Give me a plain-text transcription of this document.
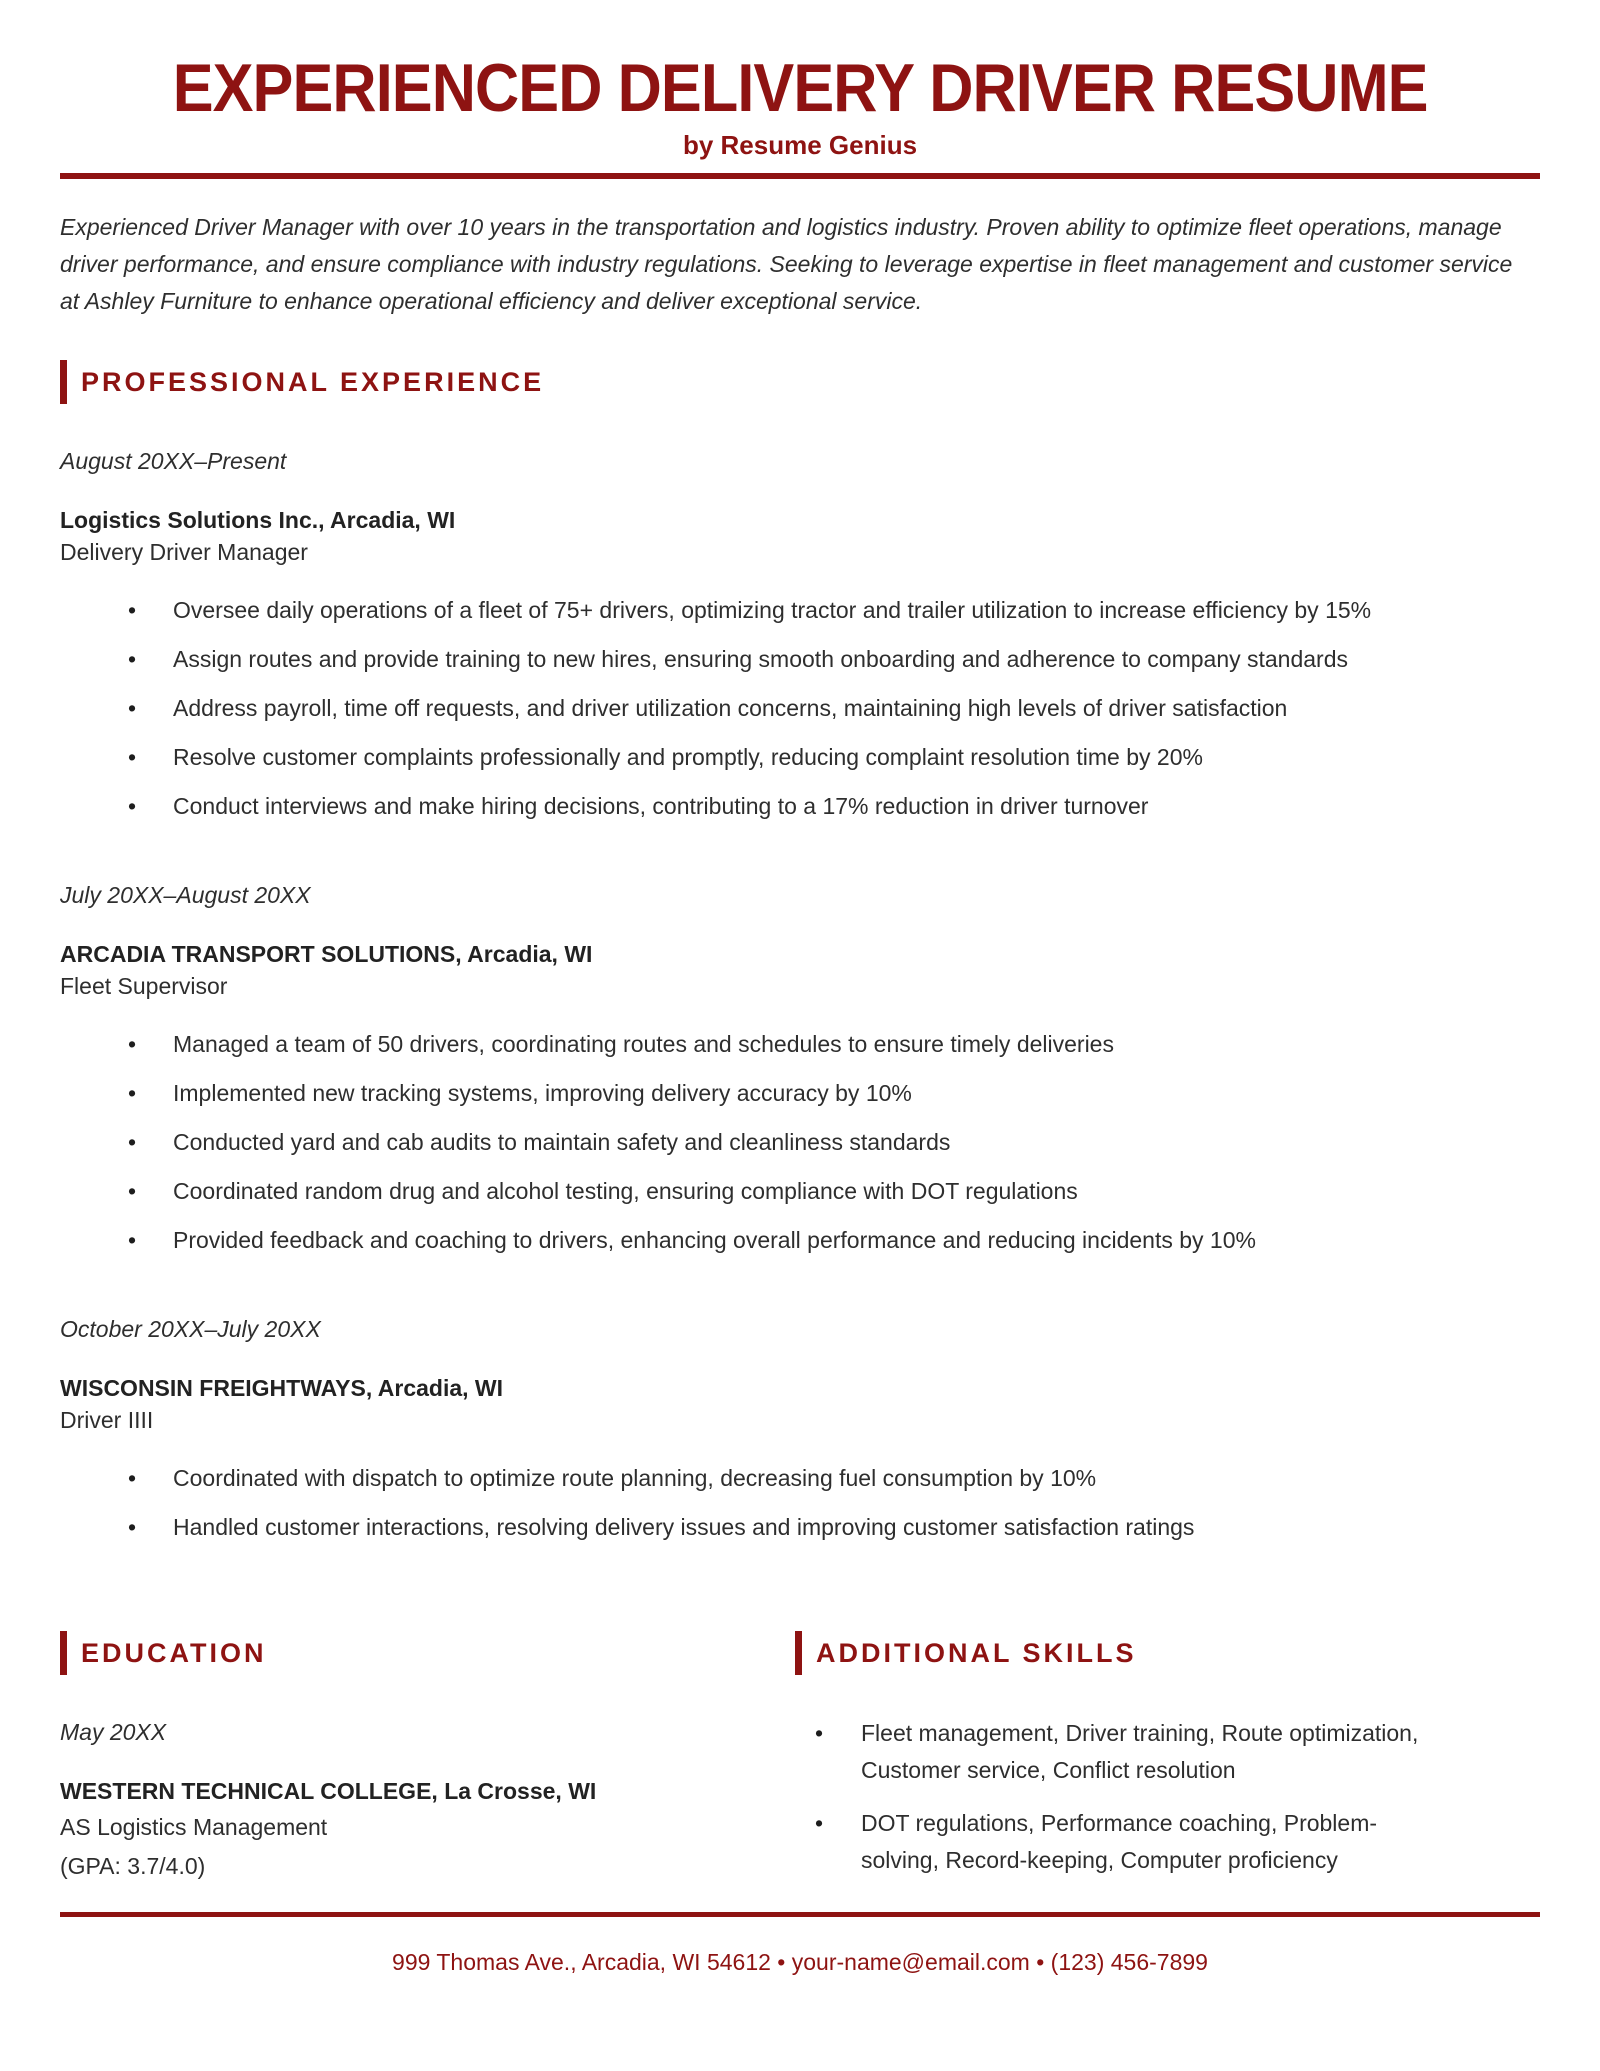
EXPERIENCED DELIVERY DRIVER RESUME
by Resume Genius

Experienced Driver Manager with over 10 years in the transportation and logistics industry. Proven ability to optimize fleet operations, manage driver performance, and ensure compliance with industry regulations. Seeking to leverage expertise in fleet management and customer service at Ashley Furniture to enhance operational efficiency and deliver exceptional service.

PROFESSIONAL EXPERIENCE
August 20XX–Present
Logistics Solutions Inc., Arcadia, WI
Delivery Driver Manager
• Oversee daily operations of a fleet of 75+ drivers, optimizing tractor and trailer utilization to increase efficiency by 15%
• Assign routes and provide training to new hires, ensuring smooth onboarding and adherence to company standards
• Address payroll, time off requests, and driver utilization concerns, maintaining high levels of driver satisfaction
• Resolve customer complaints professionally and promptly, reducing complaint resolution time by 20%
• Conduct interviews and make hiring decisions, contributing to a 17% reduction in driver turnover
July 20XX–August 20XX
ARCADIA TRANSPORT SOLUTIONS, Arcadia, WI
Fleet Supervisor
• Managed a team of 50 drivers, coordinating routes and schedules to ensure timely deliveries
• Implemented new tracking systems, improving delivery accuracy by 10%
• Conducted yard and cab audits to maintain safety and cleanliness standards
• Coordinated random drug and alcohol testing, ensuring compliance with DOT regulations
• Provided feedback and coaching to drivers, enhancing overall performance and reducing incidents by 10%
October 20XX–July 20XX
WISCONSIN FREIGHTWAYS, Arcadia, WI
Driver IIII
• Coordinated with dispatch to optimize route planning, decreasing fuel consumption by 10%
• Handled customer interactions, resolving delivery issues and improving customer satisfaction ratings
EDUCATION
May 20XX
WESTERN TECHNICAL COLLEGE, La Crosse, WI
AS Logistics Management
(GPA: 3.7/4.0)
ADDITIONAL SKILLS
• Fleet management, Driver training, Route optimization, Customer service, Conflict resolution
• DOT regulations, Performance coaching, Problem-solving, Record-keeping, Computer proficiency
999 Thomas Ave., Arcadia, WI 54612 • your-name@email.com • (123) 456-7899
